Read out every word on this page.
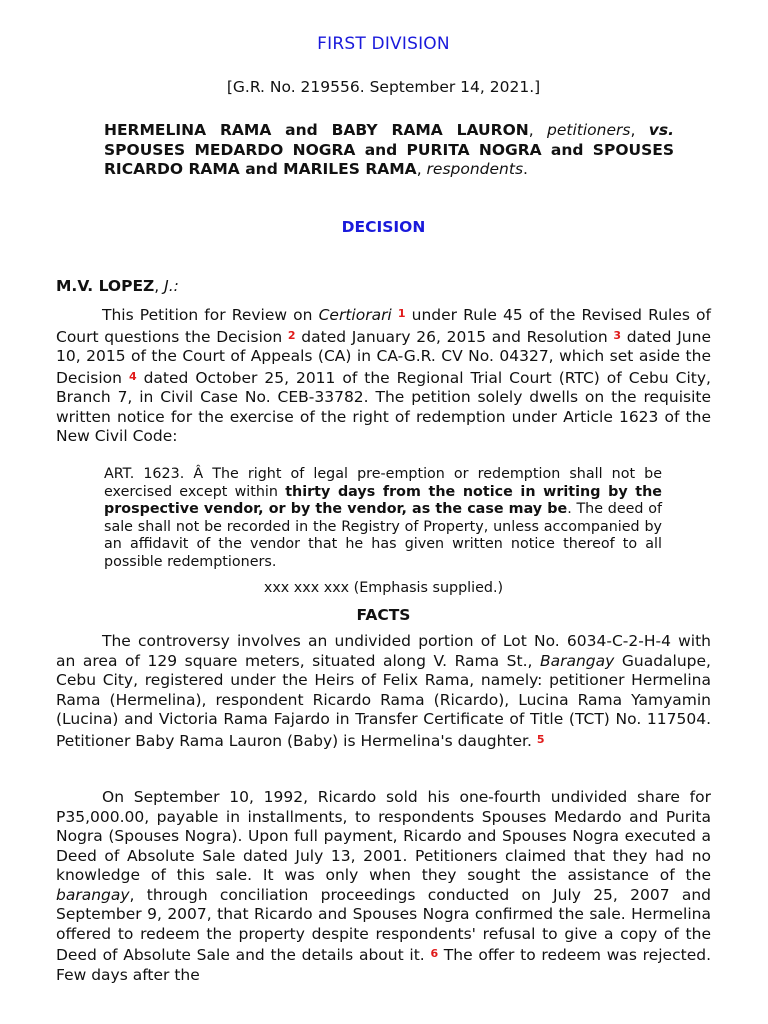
FIRST DIVISION
[G.R. No. 219556. September 14, 2021.]
HERMELINA RAMA and BABY RAMA LAURON, petitioners, vs. SPOUSES MEDARDO NOGRA and PURITA NOGRA and SPOUSES RICARDO RAMA and MARILES RAMA, respondents.
DECISION
M.V. LOPEZ, J.:
This Petition for Review on Certiorari 1 under Rule 45 of the Revised Rules of Court questions the Decision 2 dated January 26, 2015 and Resolution 3 dated June 10, 2015 of the Court of Appeals (CA) in CA-G.R. CV No. 04327, which set aside the Decision 4 dated October 25, 2011 of the Regional Trial Court (RTC) of Cebu City, Branch 7, in Civil Case No. CEB-33782. The petition solely dwells on the requisite written notice for the exercise of the right of redemption under Article 1623 of the New Civil Code:
ART. 1623. Â The right of legal pre-emption or redemption shall not be exercised except within thirty days from the notice in writing by the prospective vendor, or by the vendor, as the case may be. The deed of sale shall not be recorded in the Registry of Property, unless accompanied by an affidavit of the vendor that he has given written notice thereof to all possible redemptioners.
xxx xxx xxx (Emphasis supplied.)
FACTS
The controversy involves an undivided portion of Lot No. 6034-C-2-H-4 with an area of 129 square meters, situated along V. Rama St., Barangay Guadalupe, Cebu City, registered under the Heirs of Felix Rama, namely: petitioner Hermelina Rama (Hermelina), respondent Ricardo Rama (Ricardo), Lucina Rama Yamyamin (Lucina) and Victoria Rama Fajardo in Transfer Certificate of Title (TCT) No. 117504. Petitioner Baby Rama Lauron (Baby) is Hermelina's daughter. 5
On September 10, 1992, Ricardo sold his one-fourth undivided share for P35,000.00, payable in installments, to respondents Spouses Medardo and Purita Nogra (Spouses Nogra). Upon full payment, Ricardo and Spouses Nogra executed a Deed of Absolute Sale dated July 13, 2001. Petitioners claimed that they had no knowledge of this sale. It was only when they sought the assistance of the barangay, through conciliation proceedings conducted on July 25, 2007 and September 9, 2007, that Ricardo and Spouses Nogra confirmed the sale. Hermelina offered to redeem the property despite respondents' refusal to give a copy of the Deed of Absolute Sale and the details about it. 6 The offer to redeem was rejected. Few days after the
